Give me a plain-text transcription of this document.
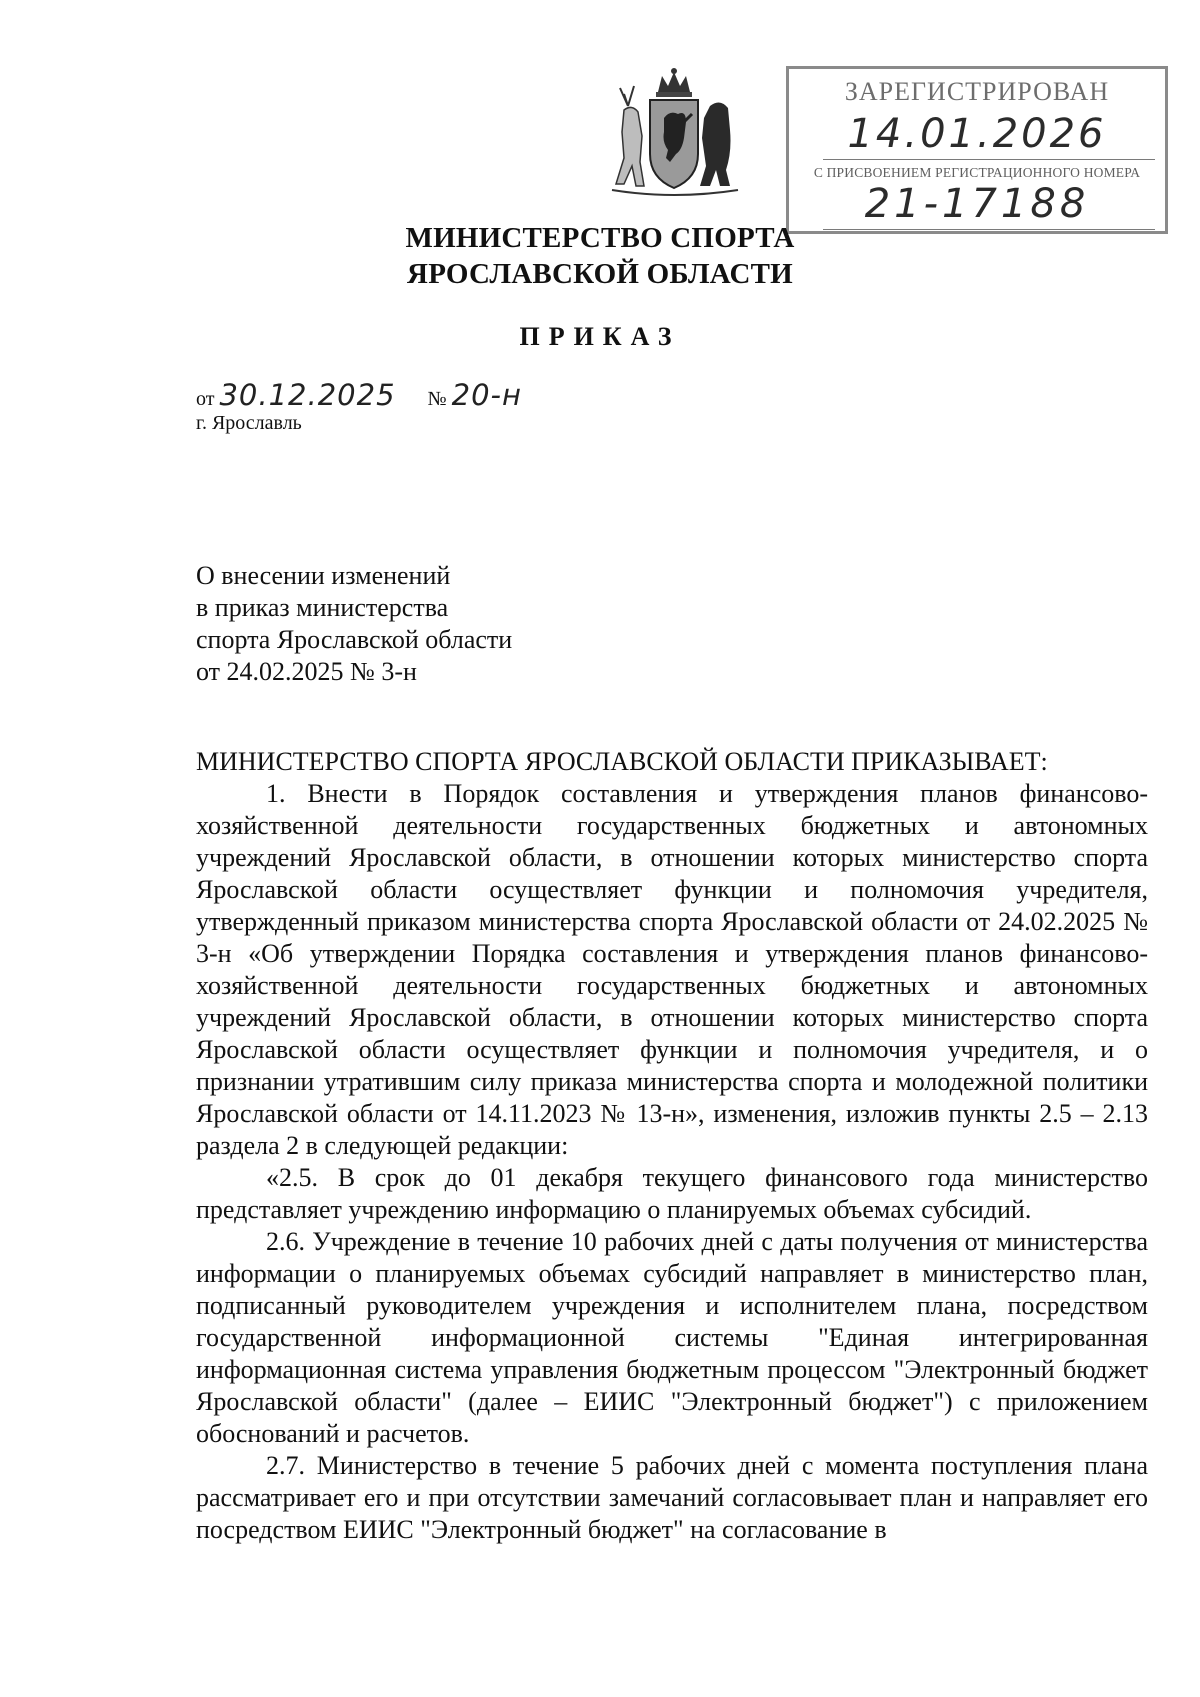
ЗАРЕГИСТРИРОВАН
14.01.2026
С ПРИСВОЕНИЕМ РЕГИСТРАЦИОННОГО НОМЕРА
21-17188
МИНИСТЕРСТВО СПОРТА
ЯРОСЛАВСКОЙ ОБЛАСТИ
ПРИКАЗ
от 30.12.2025 № 20-н
г. Ярославль
О внесении изменений
в приказ министерства
спорта Ярославской области
от 24.02.2025 № 3-н
МИНИСТЕРСТВО СПОРТА ЯРОСЛАВСКОЙ ОБЛАСТИ ПРИКАЗЫВАЕТ:

1. Внести в Порядок составления и утверждения планов финансово-хозяйственной деятельности государственных бюджетных и автономных учреждений Ярославской области, в отношении которых министерство спорта Ярославской области осуществляет функции и полномочия учредителя, утвержденный приказом министерства спорта Ярославской области от 24.02.2025 № 3-н «Об утверждении Порядка составления и утверждения планов финансово-хозяйственной деятельности государственных бюджетных и автономных учреждений Ярославской области, в отношении которых министерство спорта Ярославской области осуществляет функции и полномочия учредителя, и о признании утратившим силу приказа министерства спорта и молодежной политики Ярославской области от 14.11.2023 № 13-н», изменения, изложив пункты 2.5 – 2.13 раздела 2 в следующей редакции:

«2.5. В срок до 01 декабря текущего финансового года министерство представляет учреждению информацию о планируемых объемах субсидий.

2.6. Учреждение в течение 10 рабочих дней с даты получения от министерства информации о планируемых объемах субсидий направляет в министерство план, подписанный руководителем учреждения и исполнителем плана, посредством государственной информационной системы "Единая интегрированная информационная система управления бюджетным процессом "Электронный бюджет Ярославской области" (далее – ЕИИС "Электронный бюджет") с приложением обоснований и расчетов.

2.7. Министерство в течение 5 рабочих дней с момента поступления плана рассматривает его и при отсутствии замечаний согласовывает план и направляет его посредством ЕИИС "Электронный бюджет" на согласование в
